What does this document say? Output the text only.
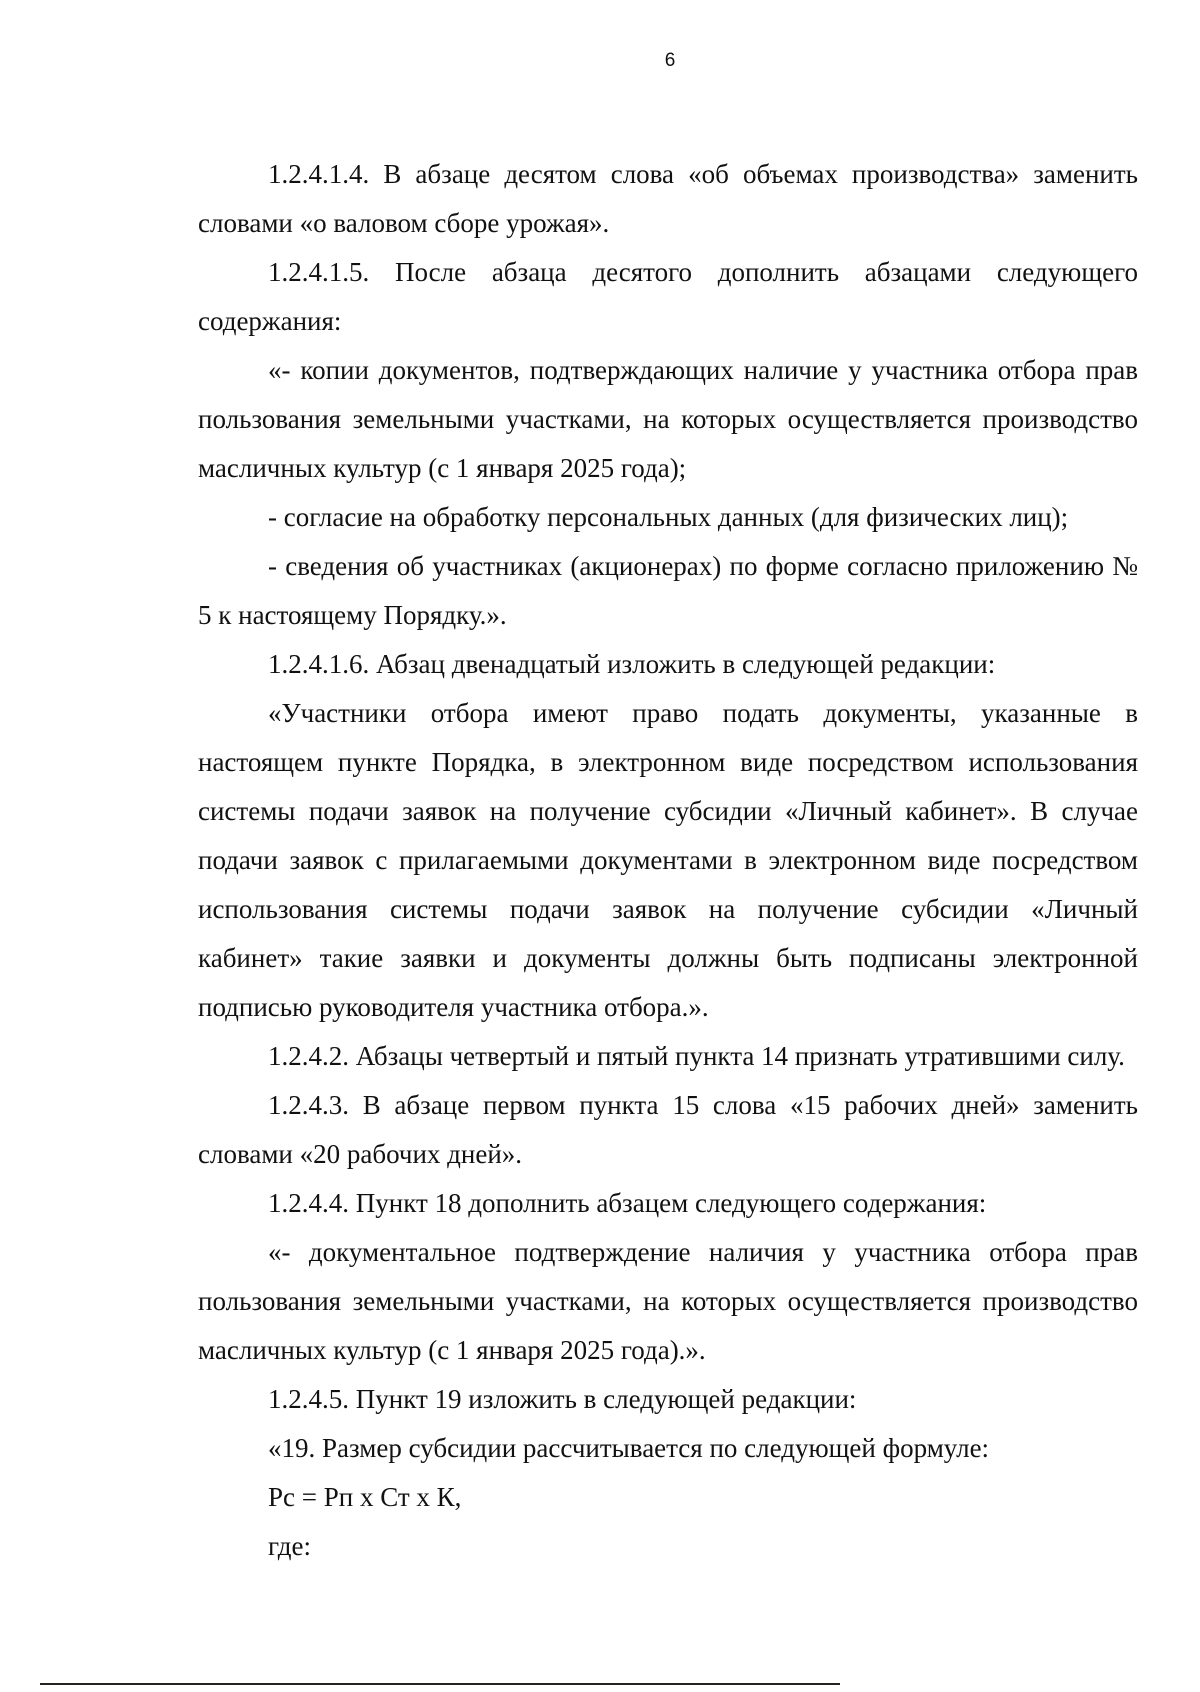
6

1.2.4.1.4. В абзаце десятом слова «об объемах производства» заменить словами «о валовом сборе урожая».

1.2.4.1.5. После абзаца десятого дополнить абзацами следующего содержания:

«- копии документов, подтверждающих наличие у участника отбора прав пользования земельными участками, на которых осуществляется производство масличных культур (с 1 января 2025 года);

- согласие на обработку персональных данных (для физических лиц);

- сведения об участниках (акционерах) по форме согласно приложению № 5 к настоящему Порядку.».

1.2.4.1.6. Абзац двенадцатый изложить в следующей редакции:

«Участники отбора имеют право подать документы, указанные в настоящем пункте Порядка, в электронном виде посредством использования системы подачи заявок на получение субсидии «Личный кабинет». В случае подачи заявок с прилагаемыми документами в электронном виде посредством использования системы подачи заявок на получение субсидии «Личный кабинет» такие заявки и документы должны быть подписаны электронной подписью руководителя участника отбора.».

1.2.4.2. Абзацы четвертый и пятый пункта 14 признать утратившими силу.

1.2.4.3. В абзаце первом пункта 15 слова «15 рабочих дней» заменить словами «20 рабочих дней».

1.2.4.4. Пункт 18 дополнить абзацем следующего содержания:

«- документальное подтверждение наличия у участника отбора прав пользования земельными участками, на которых осуществляется производство масличных культур (с 1 января 2025 года).».

1.2.4.5. Пункт 19 изложить в следующей редакции:

«19. Размер субсидии рассчитывается по следующей формуле:

Рс = Рп х Ст х К,

где:
